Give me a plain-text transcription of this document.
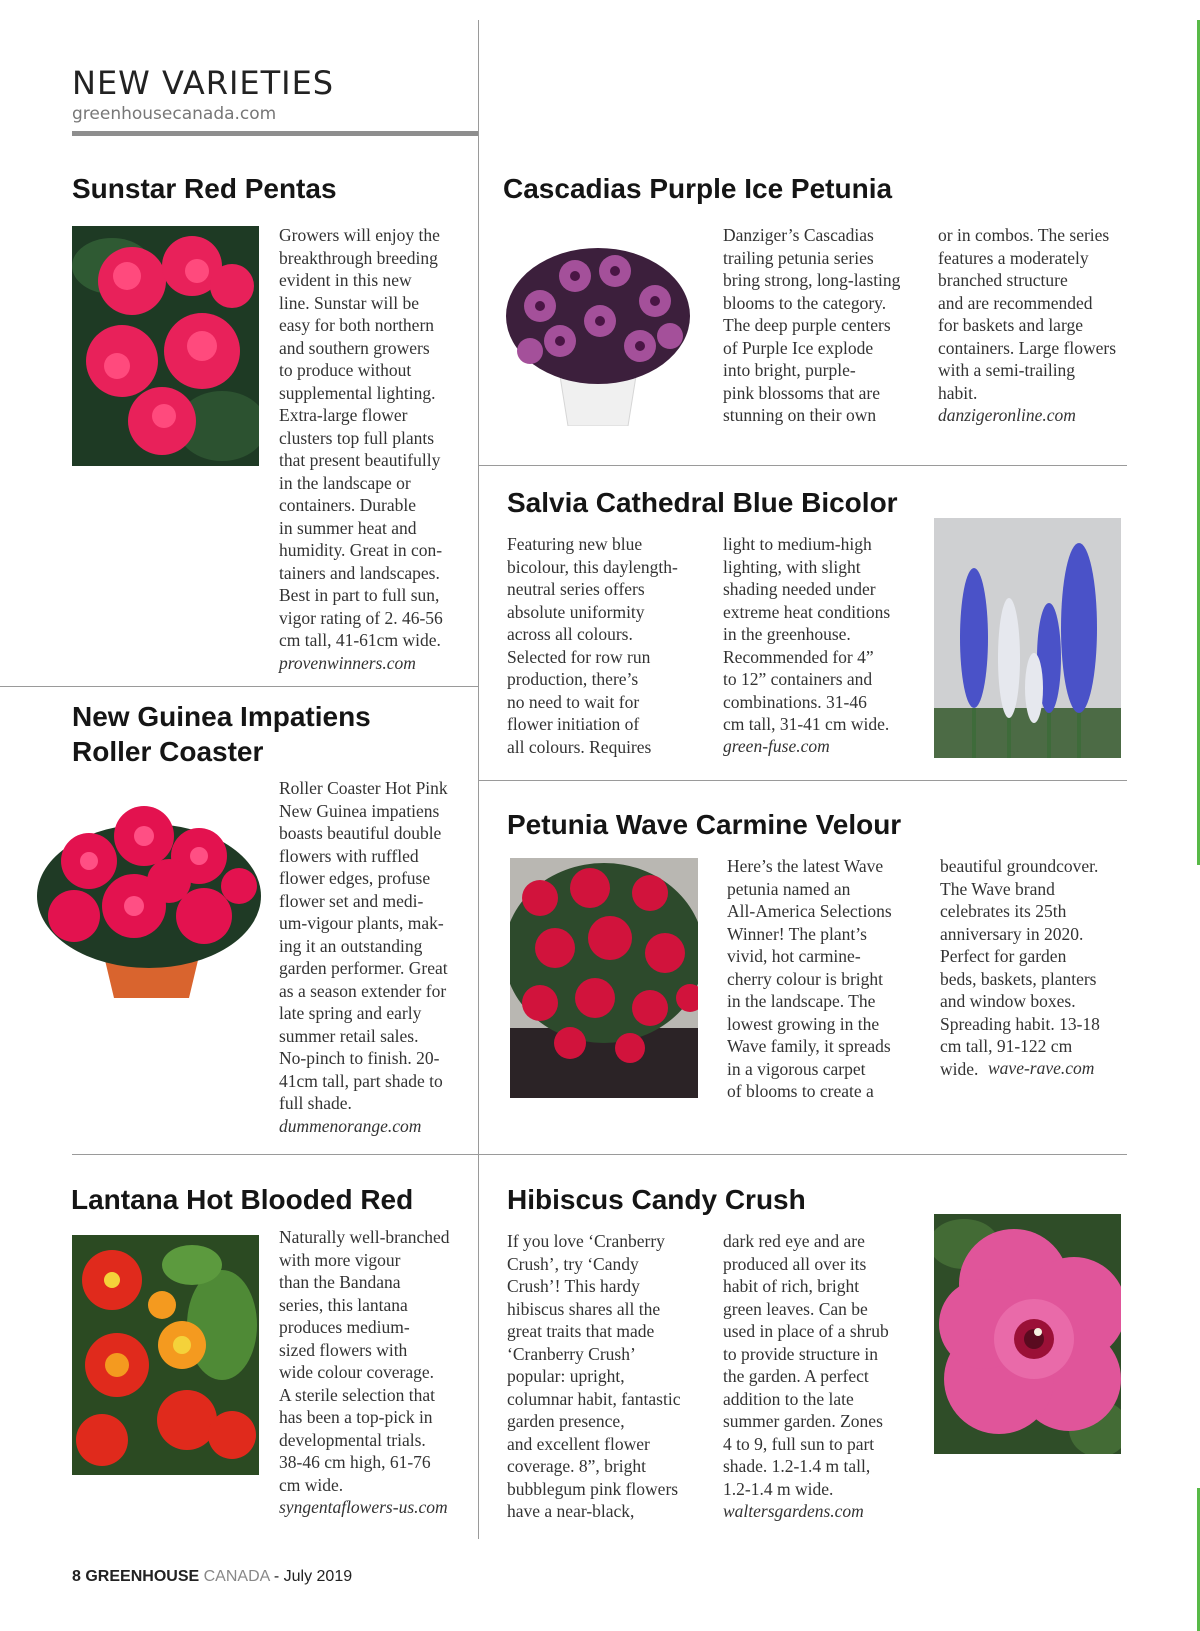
NEW VARIETIES
greenhousecanada.com
Sunstar Red Pentas

Growers will enjoy the
breakthrough breeding
evident in this new
line. Sunstar will be
easy for both northern
and southern growers
to produce without
supplemental lighting.
Extra-large flower
clusters top full plants
that present beautifully
in the landscape or
containers. Durable
in summer heat and
humidity. Great in con-
tainers and landscapes.
Best in part to full sun,
vigor rating of 2. 46-56
cm tall, 41-61cm wide.

provenwinners.com

Cascadias Purple Ice Petunia

Danziger’s Cascadias
trailing petunia series
bring strong, long-lasting
blooms to the category.
The deep purple centers
of Purple Ice explode
into bright, purple-
pink blossoms that are
stunning on their own

or in combos. The series
features a moderately
branched structure
and are recommended
for baskets and large
containers. Large flowers
with a semi-trailing
habit.

danzigeronline.com

Salvia Cathedral Blue Bicolor

Featuring new blue
bicolour, this daylength-
neutral series offers
absolute uniformity
across all colours.
Selected for row run
production, there’s
no need to wait for
flower initiation of
all colours. Requires

light to medium-high
lighting, with slight
shading needed under
extreme heat conditions
in the greenhouse.
Recommended for 4”
to 12” containers and
combinations. 31-46
cm tall, 31-41 cm wide.

green-fuse.com

New Guinea Impatiens
Roller Coaster

Roller Coaster Hot Pink
New Guinea impatiens
boasts beautiful double
flowers with ruffled
flower edges, profuse
flower set and medi-
um-vigour plants, mak-
ing it an outstanding
garden performer. Great
as a season extender for
late spring and early
summer retail sales.
No-pinch to finish. 20-
41cm tall, part shade to
full shade.

dummenorange.com

Petunia Wave Carmine Velour

Here’s the latest Wave
petunia named an
All-America Selections
Winner! The plant’s
vivid, hot carmine-
cherry colour is bright
in the landscape. The
lowest growing in the
Wave family, it spreads
in a vigorous carpet
of blooms to create a

beautiful groundcover.
The Wave brand
celebrates its 25th
anniversary in 2020.
Perfect for garden
beds, baskets, planters
and window boxes.
Spreading habit. 13-18
cm tall, 91-122 cm
wide. wave-rave.com

Lantana Hot Blooded Red

Naturally well-branched
with more vigour
than the Bandana
series, this lantana
produces medium-
sized flowers with
wide colour coverage.
A sterile selection that
has been a top-pick in
developmental trials.
38-46 cm high, 61-76
cm wide.

syngentaflowers-us.com

Hibiscus Candy Crush

If you love ‘Cranberry
Crush’, try ‘Candy
Crush’! This hardy
hibiscus shares all the
great traits that made
‘Cranberry Crush’
popular: upright,
columnar habit, fantastic
garden presence,
and excellent flower
coverage. 8”, bright
bubblegum pink flowers
have a near-black,

dark red eye and are
produced all over its
habit of rich, bright
green leaves. Can be
used in place of a shrub
to provide structure in
the garden. A perfect
addition to the late
summer garden. Zones
4 to 9, full sun to part
shade. 1.2-1.4 m tall,
1.2-1.4 m wide.

waltersgardens.com

8 GREENHOUSE CANADA - July 2019
